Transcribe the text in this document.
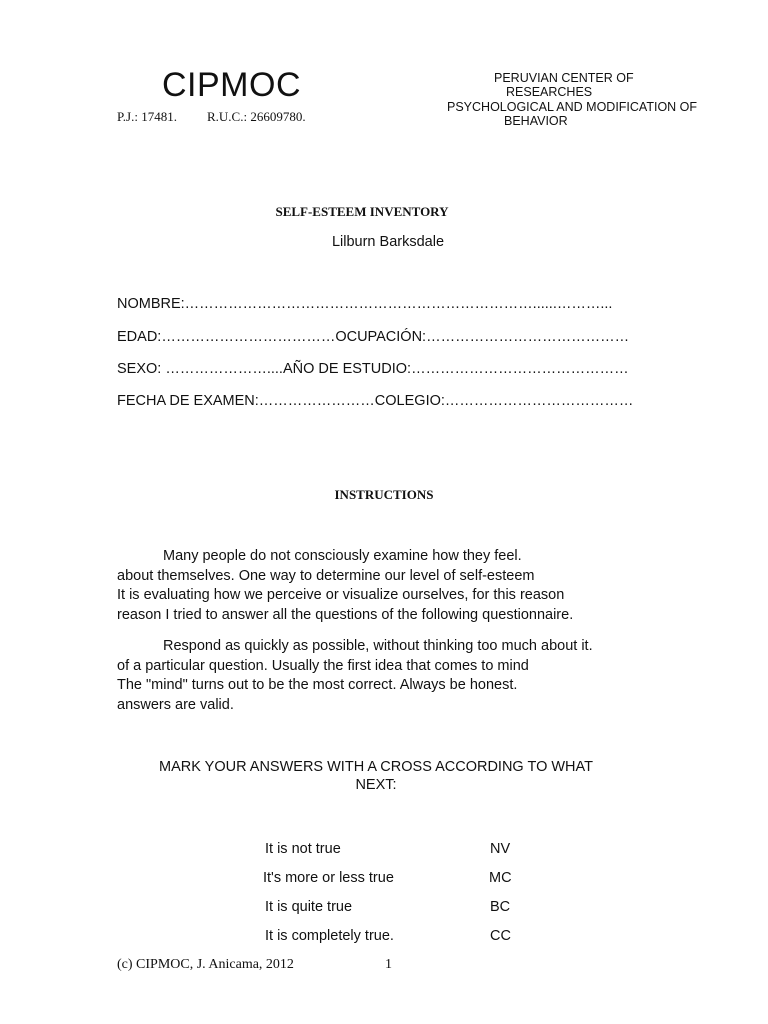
CIPMOC
P.J.: 17481. R.U.C.: 26609780.
PERUVIAN CENTER OF
RESEARCHES
PSYCHOLOGICAL AND MODIFICATION OF
BEHAVIOR
SELF-ESTEEM INVENTORY
Lilburn Barksdale
NOMBRE:………………………………………………………………......………...
EDAD:………………………………OCUPACIÓN:……………………………………
SEXO: …………………....AÑO DE ESTUDIO:………………………………………
FECHA DE EXAMEN:……………………COLEGIO:…………………………………
INSTRUCTIONS
Many people do not consciously examine how they feel.
about themselves. One way to determine our level of self-esteem
It is evaluating how we perceive or visualize ourselves, for this reason
reason I tried to answer all the questions of the following questionnaire.
Respond as quickly as possible, without thinking too much about it.
of a particular question. Usually the first idea that comes to mind
The "mind" turns out to be the most correct. Always be honest.
answers are valid.
MARK YOUR ANSWERS WITH A CROSS ACCORDING TO WHAT
NEXT:
It is not true	NV
It's more or less true	MC
It is quite true	BC
It is completely true.	CC
(c) CIPMOC, J. Anicama, 2012	1
